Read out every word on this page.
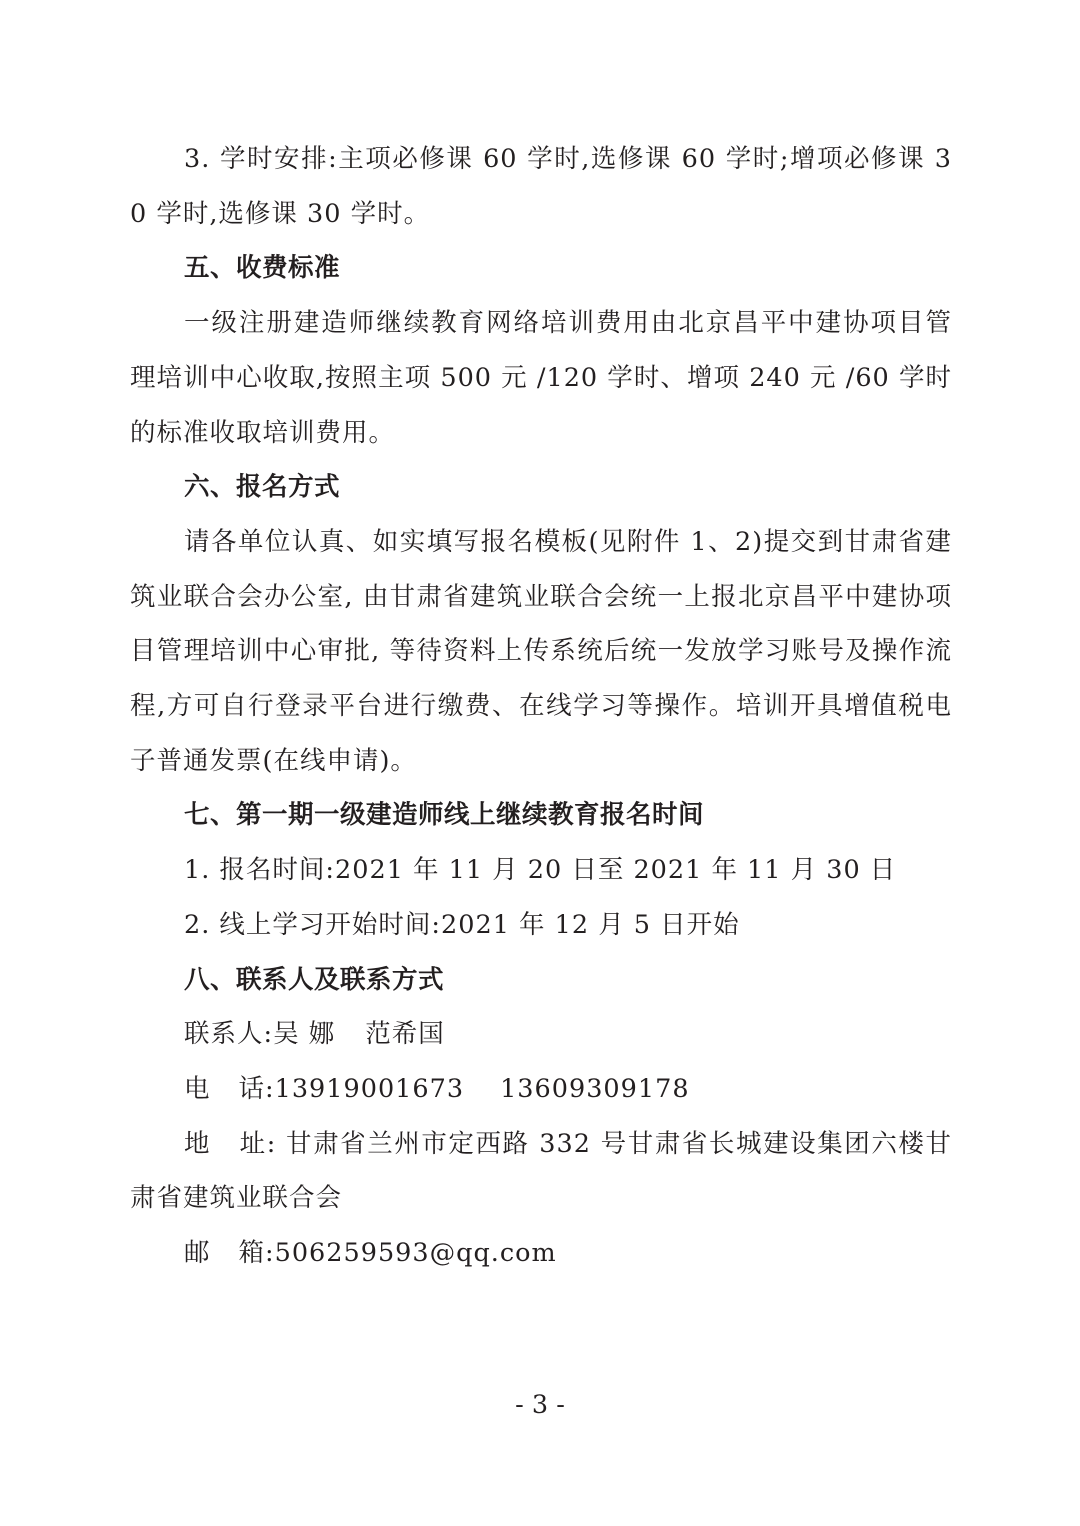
3. 学时安排:主项必修课 60 学时,选修课 60 学时;增项必修课 30 学时,选修课 30 学时。

五、收费标准

一级注册建造师继续教育网络培训费用由北京昌平中建协项目管理培训中心收取,按照主项 500 元 /120 学时、增项 240 元 /60 学时的标准收取培训费用。

六、报名方式

请各单位认真、如实填写报名模板(见附件 1、2)提交到甘肃省建筑业联合会办公室, 由甘肃省建筑业联合会统一上报北京昌平中建协项目管理培训中心审批, 等待资料上传系统后统一发放学习账号及操作流程,方可自行登录平台进行缴费、在线学习等操作。培训开具增值税电子普通发票(在线申请)。

七、第一期一级建造师线上继续教育报名时间

1. 报名时间:2021 年 11 月 20 日至 2021 年 11 月 30 日

2. 线上学习开始时间:2021 年 12 月 5 日开始

八、联系人及联系方式

联系人:吴 娜 范希国

电 话:13919001673 13609309178

地 址: 甘肃省兰州市定西路 332 号甘肃省长城建设集团六楼甘肃省建筑业联合会

邮 箱:506259593@qq.com

- 3 -
